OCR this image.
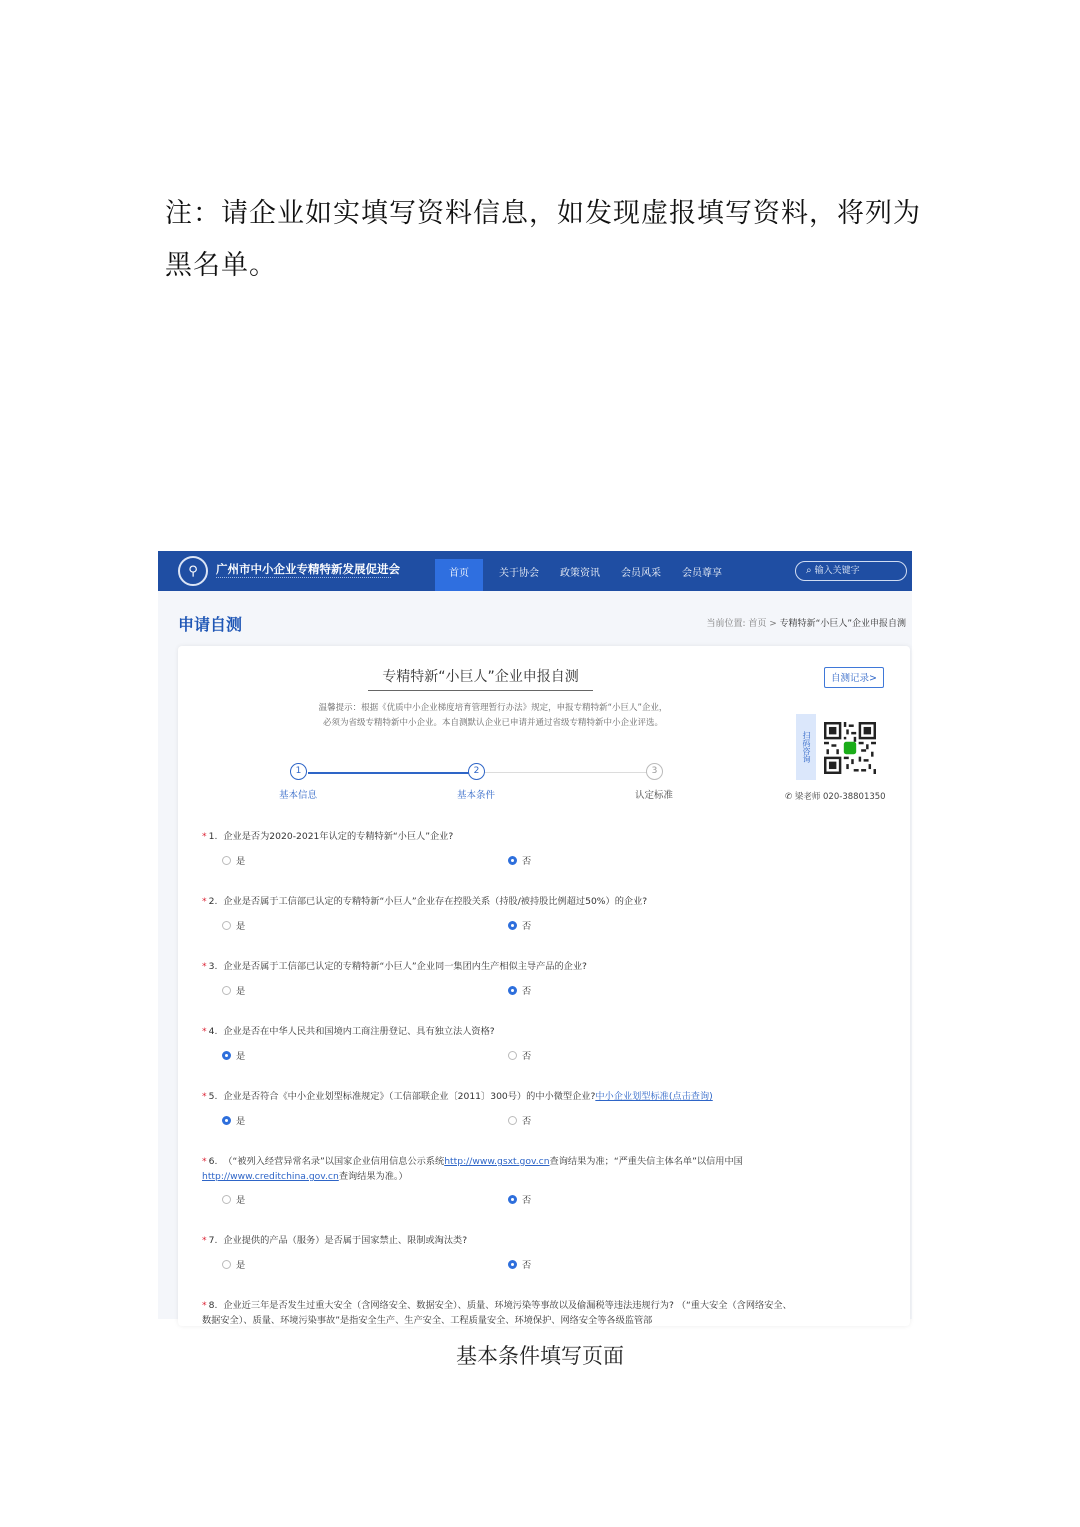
注：请企业如实填写资料信息，如发现虚报填写资料，将列为黑名单。
⚲	广州市中小企业专精特新发展促进会	首页	关于协会	政策资讯	会员风采	会员尊享	⌕ 输入关键字
申请自测	当前位置: 首页 > 专精特新“小巨人”企业申报自测
专精特新“小巨人”企业申报自测	自测记录>
温馨提示：根据《优质中小企业梯度培育管理暂行办法》规定，申报专精特新“小巨人”企业，
必须为省级专精特新中小企业。本自测默认企业已申请并通过省级专精特新中小企业评选。
扫码咨询
✆ 梁老师 020-38801350
1	2	3
基本信息	基本条件	认定标准
* 1. 企业是否为2020-2021年认定的专精特新“小巨人”企业?
是	否
* 2. 企业是否属于工信部已认定的专精特新“小巨人”企业存在控股关系（持股/被持股比例超过50%）的企业?
是	否
* 3. 企业是否属于工信部已认定的专精特新“小巨人”企业同一集团内生产相似主导产品的企业?
是	否
* 4. 企业是否在中华人民共和国境内工商注册登记、具有独立法人资格?
是	否
* 5. 企业是否符合《中小企业划型标准规定》（工信部联企业〔2011〕300号）的中小微型企业?中小企业划型标准(点击查询)
是	否
* 6. （“被列入经营异常名录”以国家企业信用信息公示系统http://www.gsxt.gov.cn查询结果为准；“严重失信主体名单”以信用中国http://www.creditchina.gov.cn查询结果为准。）
是	否
* 7. 企业提供的产品（服务）是否属于国家禁止、限制或淘汰类?
是	否
* 8. 企业近三年是否发生过重大安全（含网络安全、数据安全）、质量、环境污染等事故以及偷漏税等违法违规行为? （“重大安全（含网络安全、数据安全）、质量、环境污染事故”是指安全生产、生产安全、工程质量安全、环境保护、网络安全等各级监管部
基本条件填写页面
